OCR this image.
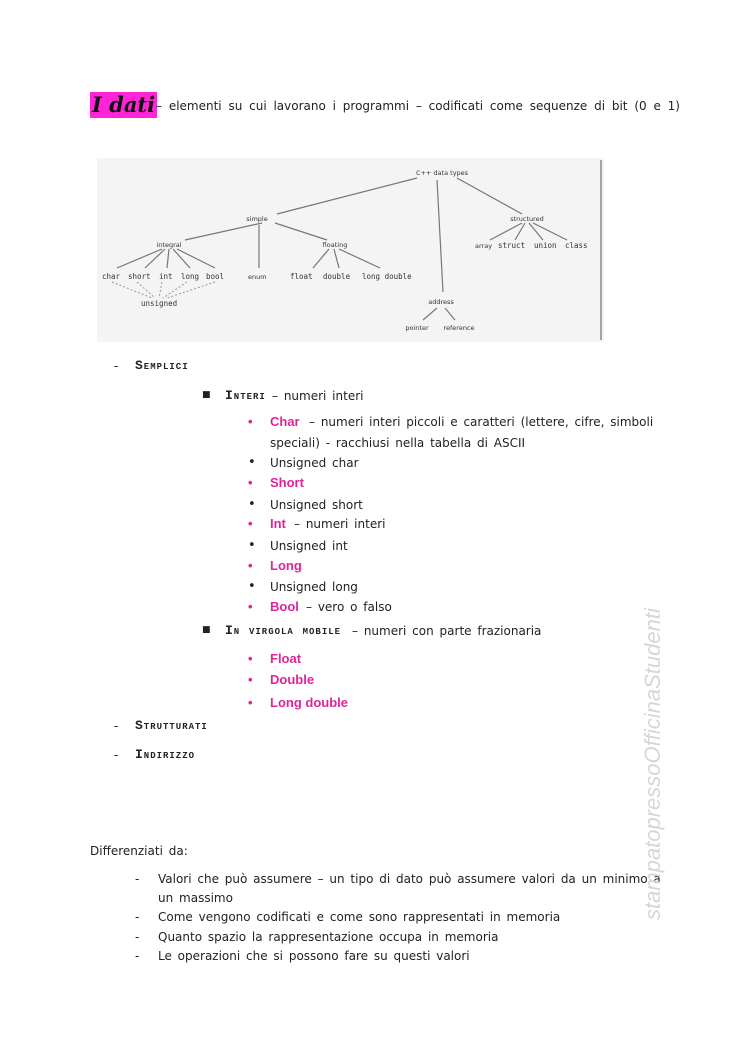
I dati – elementi su cui lavorano i programmi – codificati come sequenze di bit (0 e 1)
C++ data types
simple	structured
integral	floating
char short int long bool	enum	float double long double
unsigned
array struct union class
address
pointer reference
- Semplici
■ Interi – numeri interi
• Char – numeri interi piccoli e caratteri (lettere, cifre, simboli
speciali) - racchiusi nella tabella di ASCII
• Unsigned char
• Short
• Unsigned short
• Int – numeri interi
• Unsigned int
• Long
• Unsigned long
• Bool – vero o falso
■ In virgola mobile – numeri con parte frazionaria
• Float
• Double
• Long double
- Strutturati
- Indirizzo
Differenziati da:
- Valori che può assumere – un tipo di dato può assumere valori da un minimo a
un massimo
- Come vengono codificati e come sono rappresentati in memoria
- Quanto spazio la rappresentazione occupa in memoria
- Le operazioni che si possono fare su questi valori
stampatopressoOfficinaStudenti
